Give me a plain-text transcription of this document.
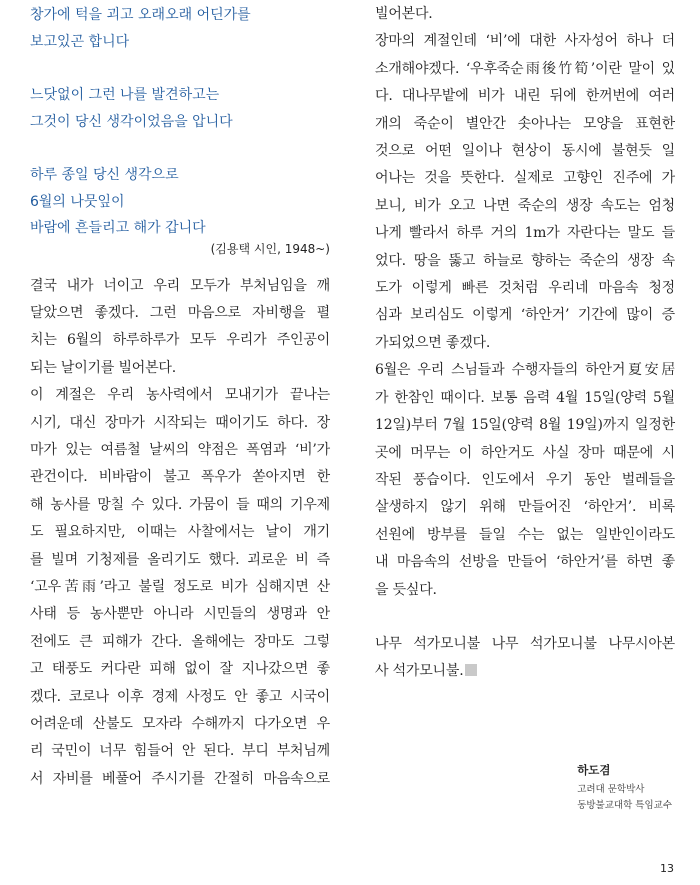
창가에 턱을 괴고 오래오래 어딘가를

보고있곤 합니다

느닷없이 그런 나를 발견하고는

그것이 당신 생각이었음을 압니다

하루 종일 당신 생각으로

6월의 나뭇잎이

바람에 흔들리고 해가 갑니다

(김용택 시인, 1948~)

결국 내가 너이고 우리 모두가 부처님임을 깨

달았으면 좋겠다. 그런 마음으로 자비행을 펼

치는 6월의 하루하루가 모두 우리가 주인공이

되는 날이기를 빌어본다.

이 계절은 우리 농사력에서 모내기가 끝나는

시기, 대신 장마가 시작되는 때이기도 하다. 장

마가 있는 여름철 날씨의 약점은 폭염과 ‘비’가

관건이다. 비바람이 불고 폭우가 쏟아지면 한

해 농사를 망칠 수 있다. 가뭄이 들 때의 기우제

도 필요하지만, 이때는 사찰에서는 날이 개기

를 빌며 기청제를 올리기도 했다. 괴로운 비 즉

‘고우苦雨’라고 불릴 정도로 비가 심해지면 산

사태 등 농사뿐만 아니라 시민들의 생명과 안

전에도 큰 피해가 간다. 올해에는 장마도 그렇

고 태풍도 커다란 피해 없이 잘 지나갔으면 좋

겠다. 코로나 이후 경제 사정도 안 좋고 시국이

어려운데 산불도 모자라 수해까지 다가오면 우

리 국민이 너무 힘들어 안 된다. 부디 부처님께

서 자비를 베풀어 주시기를 간절히 마음속으로

빌어본다.

장마의 계절인데 ‘비’에 대한 사자성어 하나 더

소개해야겠다. ‘우후죽순雨後竹筍’이란 말이 있

다. 대나무밭에 비가 내린 뒤에 한꺼번에 여러

개의 죽순이 별안간 솟아나는 모양을 표현한

것으로 어떤 일이나 현상이 동시에 불현듯 일

어나는 것을 뜻한다. 실제로 고향인 진주에 가

보니, 비가 오고 나면 죽순의 생장 속도는 엄청

나게 빨라서 하루 거의 1m가 자란다는 말도 들

었다. 땅을 뚫고 하늘로 향하는 죽순의 생장 속

도가 이렇게 빠른 것처럼 우리네 마음속 청정

심과 보리심도 이렇게 ‘하안거’ 기간에 많이 증

가되었으면 좋겠다.

6월은 우리 스님들과 수행자들의 하안거夏安居

가 한참인 때이다. 보통 음력 4월 15일(양력 5월

12일)부터 7월 15일(양력 8월 19일)까지 일정한

곳에 머무는 이 하안거도 사실 장마 때문에 시

작된 풍습이다. 인도에서 우기 동안 벌레들을

살생하지 않기 위해 만들어진 ‘하안거’. 비록

선원에 방부를 들일 수는 없는 일반인이라도

내 마음속의 선방을 만들어 ‘하안거’를 하면 좋

을 듯싶다.

나무 석가모니불 나무 석가모니불 나무시아본

사 석가모니불.

하도겸
고려대 문학박사
동방불교대학 특임교수
13
